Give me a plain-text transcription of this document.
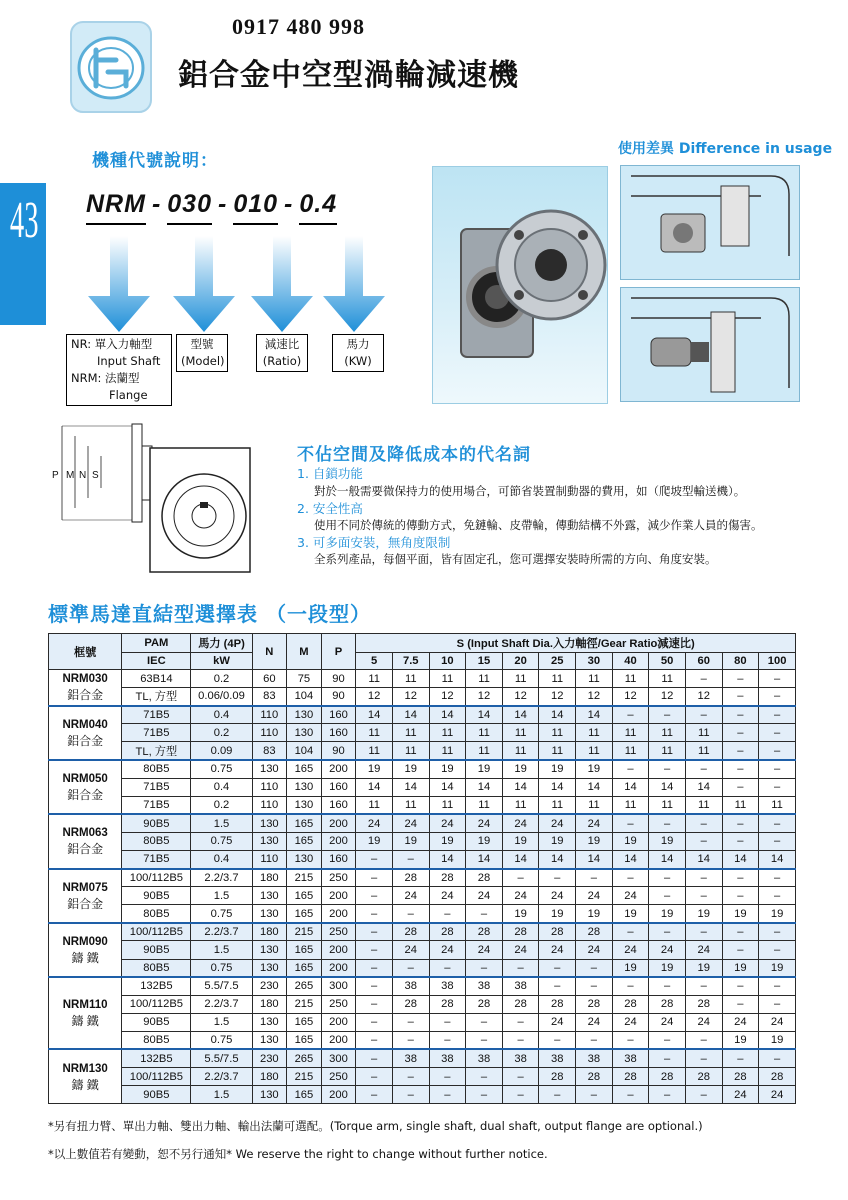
0917 480 998
鋁合金中空型渦輪減速機
43
機種代號說明：
NRM - 030 - 010 - 0.4
NR: 單入力軸型
Input Shaft
NRM: 法蘭型
Flange
型號
(Model)
減速比
(Ratio)
馬力
(KW)
使用差異 Difference in usage
P M N S
不佔空間及降低成本的代名詞
1. 自鎖功能
對於一般需要微保持力的使用場合，可節省裝置制動器的費用，如（爬坡型輸送機）。
2. 安全性高
使用不同於傳統的傳動方式，免鏈輪、皮帶輪，傳動結構不外露，減少作業人員的傷害。
3. 可多面安裝，無角度限制
全系列產品，每個平面，皆有固定孔，您可選擇安裝時所需的方向、角度安裝。
標準馬達直結型選擇表 （一段型）
框號	PAM	馬力 (4P)	N	M	P	S (Input Shaft Dia.入力軸徑/Gear Ratio減速比)											
	IEC	kW				5	7.5	10	15	20	25	30	40	50	60	80	100

NRM030
鋁合金	63B14	0.2	60	75	90	11	11	11	11	11	11	11	11	11	–	–	–
	TL, 方型	0.06/0.09	83	104	90	12	12	12	12	12	12	12	12	12	12	–	–

NRM040
鋁合金	71B5	0.4	110	130	160	14	14	14	14	14	14	14	–	–	–	–	–
	71B5	0.2	110	130	160	11	11	11	11	11	11	11	11	11	11	–	–
	TL, 方型	0.09	83	104	90	11	11	11	11	11	11	11	11	11	11	–	–

NRM050
鋁合金	80B5	0.75	130	165	200	19	19	19	19	19	19	19	–	–	–	–	–
	71B5	0.4	110	130	160	14	14	14	14	14	14	14	14	14	14	–	–
	71B5	0.2	110	130	160	11	11	11	11	11	11	11	11	11	11	11	11

NRM063
鋁合金	90B5	1.5	130	165	200	24	24	24	24	24	24	24	–	–	–	–	–
	80B5	0.75	130	165	200	19	19	19	19	19	19	19	19	19	–	–	–
	71B5	0.4	110	130	160	–	–	14	14	14	14	14	14	14	14	14	14

NRM075
鋁合金	100/112B5	2.2/3.7	180	215	250	–	28	28	28	–	–	–	–	–	–	–	–
	90B5	1.5	130	165	200	–	24	24	24	24	24	24	24	–	–	–	–
	80B5	0.75	130	165	200	–	–	–	–	19	19	19	19	19	19	19	19

NRM090
鑄 鐵	100/112B5	2.2/3.7	180	215	250	–	28	28	28	28	28	28	–	–	–	–	–
	90B5	1.5	130	165	200	–	24	24	24	24	24	24	24	24	24	–	–
	80B5	0.75	130	165	200	–	–	–	–	–	–	–	19	19	19	19	19

NRM110
鑄 鐵	132B5	5.5/7.5	230	265	300	–	38	38	38	38	–	–	–	–	–	–	–
	100/112B5	2.2/3.7	180	215	250	–	28	28	28	28	28	28	28	28	28	–	–
	90B5	1.5	130	165	200	–	–	–	–	–	24	24	24	24	24	24	24
	80B5	0.75	130	165	200	–	–	–	–	–	–	–	–	–	–	19	19

NRM130
鑄 鐵	132B5	5.5/7.5	230	265	300	–	38	38	38	38	38	38	38	–	–	–	–
	100/112B5	2.2/3.7	180	215	250	–	–	–	–	–	28	28	28	28	28	28	28
	90B5	1.5	130	165	200	–	–	–	–	–	–	–	–	–	–	24	24
*另有扭力臂、單出力軸、雙出力軸、輸出法蘭可選配。(Torque arm, single shaft, dual shaft, output flange are optional.)
*以上數值若有變動，恕不另行通知* We reserve the right to change without further notice.
